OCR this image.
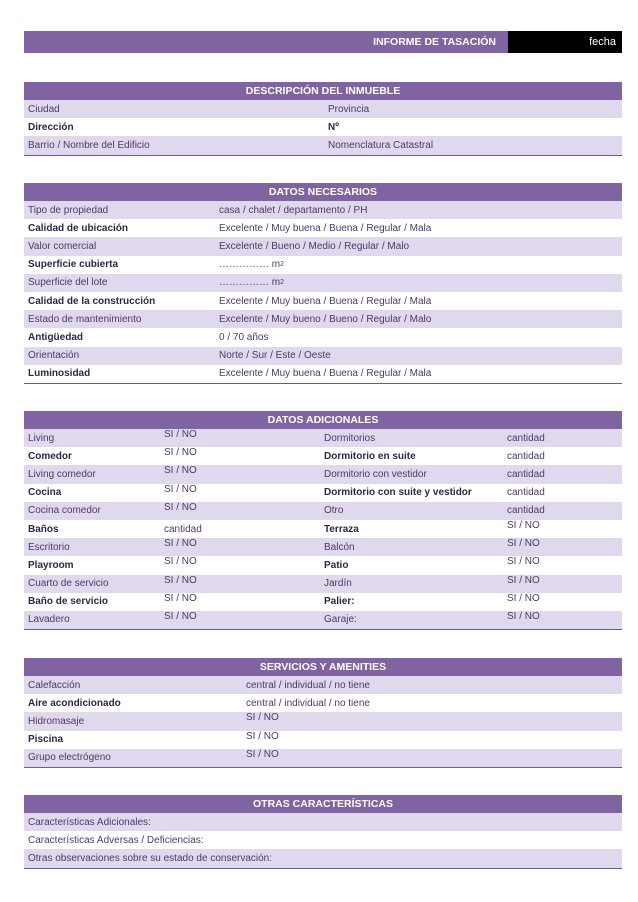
INFORME DE TASACIÓN	fecha
DESCRIPCIÓN DEL INMUEBLE
Ciudad	Provincia
Dirección	Nº
Barrio / Nombre del Edificio	Nomenclatura Catastral
DATOS NECESARIOS
Tipo de propiedad	casa / chalet / departamento / PH
Calidad de ubicación	Excelente / Muy buena / Buena / Regular / Mala
Valor comercial	Excelente / Bueno / Medio / Regular / Malo
Superficie cubierta	…………… m 2
Superficie del lote	…………… m 2
Calidad de la construcción	Excelente / Muy buena / Buena / Regular / Mala
Estado de mantenimiento	Excelente / Muy bueno / Bueno / Regular / Malo
Antigüedad	0 / 70 años
Orientación	Norte / Sur / Este / Oeste
Luminosidad	Excelente / Muy buena / Buena / Regular / Mala
DATOS ADICIONALES
Living	SI / NO	Dormitorios	cantidad
Comedor	SI / NO	Dormitorio en suite	cantidad
Living comedor	SI / NO	Dormitorio con vestidor	cantidad
Cocina	SI / NO	Dormitorio con suite y vestidor	cantidad
Cocina comedor	SI / NO	Otro	cantidad
Baños	cantidad	Terraza	SI / NO
Escritorio	SI / NO	Balcón	SI / NO
Playroom	SI / NO	Patio	SI / NO
Cuarto de servicio	SI / NO	Jardín	SI / NO
Baño de servicio	SI / NO	Palier:	SI / NO
Lavadero	SI / NO	Garaje:	SI / NO
SERVICIOS Y AMENITIES
Calefacción	central / individual / no tiene
Aire acondicionado	central / individual / no tiene
Hidromasaje	SI / NO
Piscina	SI / NO
Grupo electrógeno	SI / NO
OTRAS CARACTERÍSTICAS
Características Adicionales:
Características Adversas / Deficiencias:
Otras observaciones sobre su estado de conservación:
